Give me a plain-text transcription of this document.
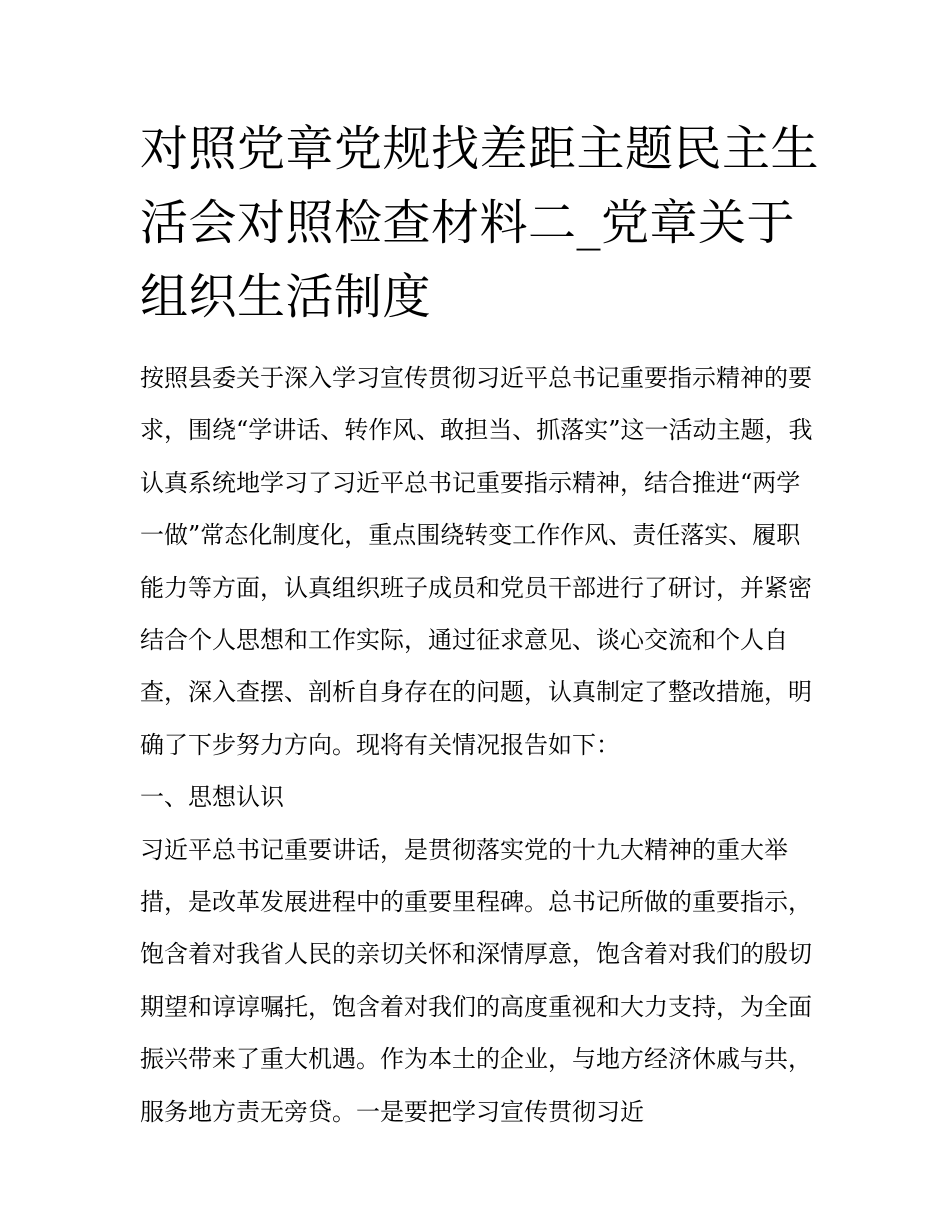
对照党章党规找差距主题民主生活会对照检查材料二_党章关于组织生活制度

按照县委关于深入学习宣传贯彻习近平总书记重要指示精神的要求，围绕“学讲话、转作风、敢担当、抓落实”这一活动主题，我认真系统地学习了习近平总书记重要指示精神，结合推进“两学一做”常态化制度化，重点围绕转变工作作风、责任落实、履职能力等方面，认真组织班子成员和党员干部进行了研讨，并紧密结合个人思想和工作实际，通过征求意见、谈心交流和个人自查，深入查摆、剖析自身存在的问题，认真制定了整改措施，明确了下步努力方向。现将有关情况报告如下：

一、思想认识

习近平总书记重要讲话，是贯彻落实党的十九大精神的重大举措，是改革发展进程中的重要里程碑。总书记所做的重要指示，饱含着对我省人民的亲切关怀和深情厚意，饱含着对我们的殷切期望和谆谆嘱托，饱含着对我们的高度重视和大力支持，为全面振兴带来了重大机遇。作为本土的企业，与地方经济休戚与共，服务地方责无旁贷。一是要把学习宣传贯彻习近
